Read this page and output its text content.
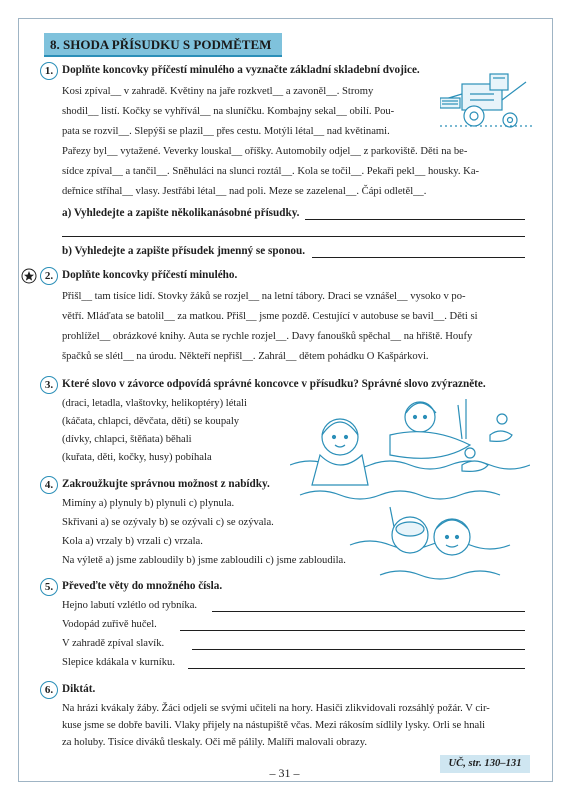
8. SHODA PŘÍSUDKU S PODMĚTEM
1. Doplňte koncovky příčestí minulého a vyznačte základní skladební dvojice.
Kosi zpíval__ v zahradě. Květiny na jaře rozkvetl__ a zavoněl__. Stromy
shodil__ listí. Kočky se vyhřívál__ na sluníčku. Kombajny sekal__ obilí. Pou-
pata se rozvil__. Slepýši se plazil__ přes cestu. Motýli létal__ nad květinami.
Pařezy byl__ vytažené. Veverky louskal__ oříšky. Automobily odjel__ z parkoviště. Děti na be-
sídce zpíval__ a tančil__. Sněhuláci na slunci roztál__. Kola se točil__. Pekaři pekl__ housky. Ka-
deřnice stříhal__ vlasy. Jestřábi létal__ nad poli. Meze se zazelenal__. Čápi odletěl__.
a) Vyhledejte a zapište několikanásobné přísudky.
b) Vyhledejte a zapište přísudek jmenný se sponou.
2. Doplňte koncovky příčestí minulého.
Přišl__ tam tisíce lidí. Stovky žáků se rozjel__ na letní tábory. Draci se vznášel__ vysoko v po-
větří. Mláďata se batolil__ za matkou. Přišl__ jsme pozdě. Cestující v autobuse se bavil__. Děti si
prohlížel__ obrázkové knihy. Auta se rychle rozjel__. Davy fanoušků spěchal__ na hřiště. Houfy
špačků se slétl__ na úrodu. Někteří nepřišl__. Zahrál__ dětem pohádku O Kašpárkovi.
3. Které slovo v závorce odpovídá správné koncovce v přísudku? Správné slovo zvýrazněte.
(draci, letadla, vlaštovky, helikoptéry) létali
(káčata, chlapci, děvčata, děti) se koupaly
(dívky, chlapci, štěňata) běhali
(kuřata, děti, kočky, husy) pobíhala
4. Zakroužkujte správnou možnost z nabídky.
Mimíny a) plynuly b) plynuli c) plynula.
Skřivani a) se ozývaly b) se ozývali c) se ozývala.
Kola a) vrzaly b) vrzali c) vrzala.
Na výletě a) jsme zabloudily b) jsme zabloudili c) jsme zabloudila.
5. Převeďte věty do množného čísla.
Hejno labutí vzlétlo od rybníka.
Vodopád zuřivě hučel.
V zahradě zpíval slavík.
Slepice kdákala v kurníku.
6. Diktát.
Na hrázi kvákaly žáby. Žáci odjeli se svými učiteli na hory. Hasiči zlikvidovali rozsáhlý požár. V cir-
kuse jsme se dobře bavili. Vlaky přijely na nástupiště včas. Mezi rákosím sídlily lysky. Orli se hnali
za holuby. Tisíce diváků tleskaly. Oči mě pálily. Malíři malovali obrazy.
UČ, str. 130–131
– 31 –
